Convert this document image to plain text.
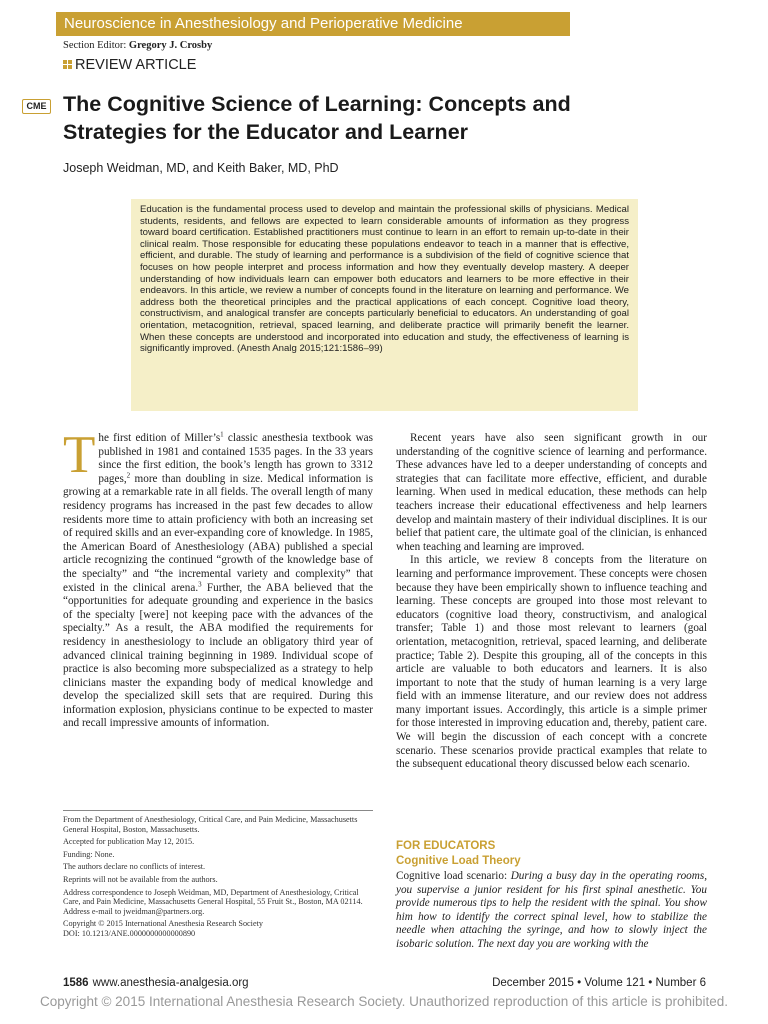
Neuroscience in Anesthesiology and Perioperative Medicine
Section Editor: Gregory J. Crosby
REVIEW ARTICLE
CME The Cognitive Science of Learning: Concepts and
Strategies for the Educator and Learner
Joseph Weidman, MD, and Keith Baker, MD, PhD
Education is the fundamental process used to develop and maintain the professional skills of physicians. Medical students, residents, and fellows are expected to learn considerable amounts of information as they progress toward board certification. Established practitioners must continue to learn in an effort to remain up-to-date in their clinical realm. Those responsible for educating these populations endeavor to teach in a manner that is effective, efficient, and durable. The study of learning and performance is a subdivision of the field of cognitive science that focuses on how people interpret and process information and how they eventually develop mastery. A deeper understanding of how individuals learn can empower both educators and learners to be more effective in their endeavors. In this article, we review a number of concepts found in the literature on learning and performance. We address both the theoretical principles and the practical applications of each concept. Cognitive load theory, constructivism, and analogical transfer are concepts particularly beneficial to educators. An understanding of goal orientation, metacognition, retrieval, spaced learning, and deliberate practice will primarily benefit the learner. When these concepts are understood and incorporated into education and study, the effectiveness of learning is significantly improved. (Anesth Analg 2015;121:1586–99)

The first edition of $Miller’s^1$ classic anesthesia textbook was published in 1981 and contained 1535 pages. In the 33 years since the first edition, the book’s length has grown to 3312 pages,$^2$ more than doubling in size. Medical information is growing at a remarkable rate in all fields. The overall length of many residency programs has increased in the past few decades to allow residents more time to attain proficiency with both an increasing set of required skills and an ever-expanding core of knowledge. In 1985, the American Board of Anesthesiology (ABA) published a special article recognizing the continued “growth of the knowledge base of the specialty” and “the incremental variety and complexity” that existed in the clinical arena.$^3$ Further, the ABA believed that the “opportunities for adequate grounding and experience in the basics of the specialty [were] not keeping pace with the advances of the specialty.” As a result, the ABA modified the requirements for residency in anesthesiology to include an obligatory third year of advanced clinical training beginning in 1989. Individual scope of practice is also becoming more subspecialized as a strategy to help clinicians master the expanding body of medical knowledge and develop the specialized skill sets that are required. During this information explosion, physicians continue to be expected to master and recall impressive amounts of information.

From the Department of Anesthesiology, Critical Care, and Pain Medicine, Massachusetts General Hospital, Boston, Massachusetts.

Accepted for publication May 12, 2015.

Funding: None.

The authors declare no conflicts of interest.

Reprints will not be available from the authors.

Address correspondence to Joseph Weidman, MD, Department of Anesthesiology, Critical Care, and Pain Medicine, Massachusetts General Hospital, 55 Fruit St., Boston, MA 02114. Address e-mail to jweidman@partners.org.

Copyright © 2015 International Anesthesia Research Society

DOI: 10.1213/ANE.0000000000000890

Recent years have also seen significant growth in our understanding of the cognitive science of learning and performance. These advances have led to a deeper understanding of concepts and strategies that can facilitate more effective, efficient, and durable learning. When used in medical education, these methods can help teachers increase their educational effectiveness and help learners develop and maintain mastery of their individual disciplines. It is our belief that patient care, the ultimate goal of the clinician, is enhanced when teaching and learning are improved.

In this article, we review 8 concepts from the literature on learning and performance improvement. These concepts were chosen because they have been empirically shown to influence teaching and learning. These concepts are grouped into those most relevant to educators (cognitive load theory, constructivism, and analogical transfer; Table 1) and those most relevant to learners (goal orientation, metacognition, retrieval, spaced learning, and deliberate practice; Table 2). Despite this grouping, all of the concepts in this article are valuable to both educators and learners. It is also important to note that the study of human learning is a very large field with an immense literature, and our review does not address many important issues. Accordingly, this article is a simple primer for those interested in improving education and, thereby, patient care. We will begin the discussion of each concept with a concrete scenario. These scenarios provide practical examples that relate to the subsequent educational theory discussed below each scenario.

FOR EDUCATORS
Cognitive Load Theory

Cognitive load scenario: During a busy day in the operating rooms, you supervise a junior resident for his first spinal anesthetic. You provide numerous tips to help the resident with the spinal. You show him how to identify the correct spinal level, how to stabilize the needle when attaching the syringe, and how to slowly inject the isobaric solution. The next day you are working with the

1586 www.anesthesia-analgesia.org	December 2015 • Volume 121 • Number 6
Copyright © 2015 International Anesthesia Research Society. Unauthorized reproduction of this article is prohibited.
